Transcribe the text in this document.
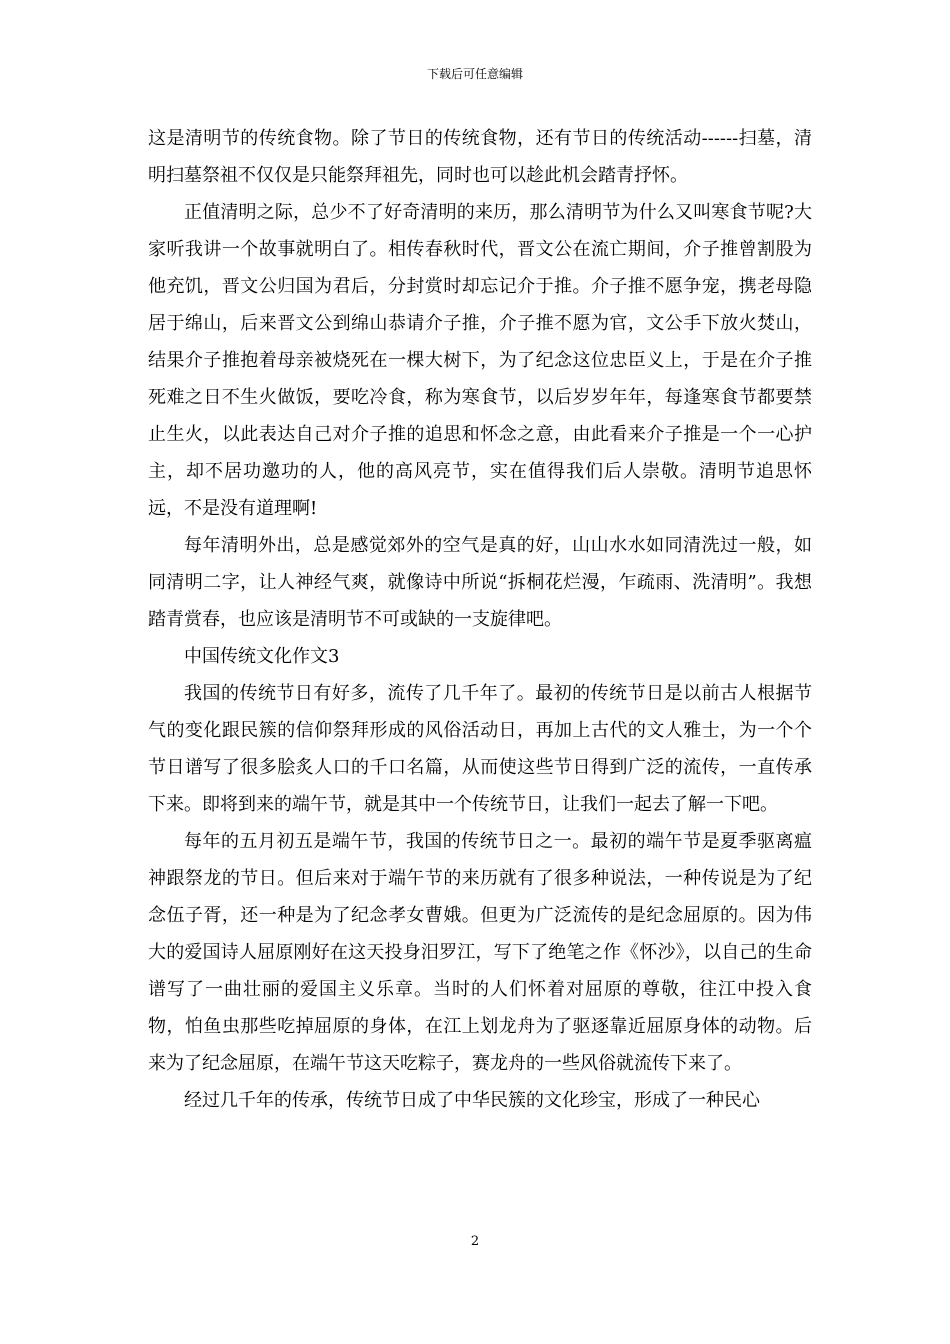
下载后可任意编辑

这是清明节的传统食物。除了节日的传统食物，还有节日的传统活动------扫墓，清明扫墓祭祖不仅仅是只能祭拜祖先，同时也可以趁此机会踏青抒怀。

正值清明之际，总少不了好奇清明的来历，那么清明节为什么又叫寒食节呢?大家听我讲一个故事就明白了。相传春秋时代，晋文公在流亡期间，介子推曾割股为他充饥，晋文公归国为君后，分封赏时却忘记介于推。介子推不愿争宠，携老母隐居于绵山，后来晋文公到绵山恭请介子推，介子推不愿为官，文公手下放火焚山，结果介子推抱着母亲被烧死在一棵大树下，为了纪念这位忠臣义上，于是在介子推死难之日不生火做饭，要吃冷食，称为寒食节，以后岁岁年年，每逢寒食节都要禁止生火，以此表达自己对介子推的追思和怀念之意，由此看来介子推是一个一心护主，却不居功邀功的人，他的高风亮节，实在值得我们后人崇敬。清明节追思怀远，不是没有道理啊!

每年清明外出，总是感觉郊外的空气是真的好，山山水水如同清洗过一般，如同清明二字，让人神经气爽，就像诗中所说“拆桐花烂漫，乍疏雨、洗清明”。我想踏青赏春，也应该是清明节不可或缺的一支旋律吧。

中国传统文化作文3

我国的传统节日有好多，流传了几千年了。最初的传统节日是以前古人根据节气的变化跟民簇的信仰祭拜形成的风俗活动日，再加上古代的文人雅士，为一个个节日谱写了很多脍炙人口的千口名篇，从而使这些节日得到广泛的流传，一直传承下来。即将到来的端午节，就是其中一个传统节日，让我们一起去了解一下吧。

每年的五月初五是端午节，我国的传统节日之一。最初的端午节是夏季驱离瘟神跟祭龙的节日。但后来对于端午节的来历就有了很多种说法，一种传说是为了纪念伍子胥，还一种是为了纪念孝女曹娥。但更为广泛流传的是纪念屈原的。因为伟大的爱国诗人屈原刚好在这天投身汨罗江，写下了绝笔之作《怀沙》，以自己的生命谱写了一曲壮丽的爱国主义乐章。当时的人们怀着对屈原的尊敬，往江中投入食物，怕鱼虫那些吃掉屈原的身体，在江上划龙舟为了驱逐靠近屈原身体的动物。后来为了纪念屈原，在端午节这天吃粽子，赛龙舟的一些风俗就流传下来了。

经过几千年的传承，传统节日成了中华民簇的文化珍宝，形成了一种民心

2
